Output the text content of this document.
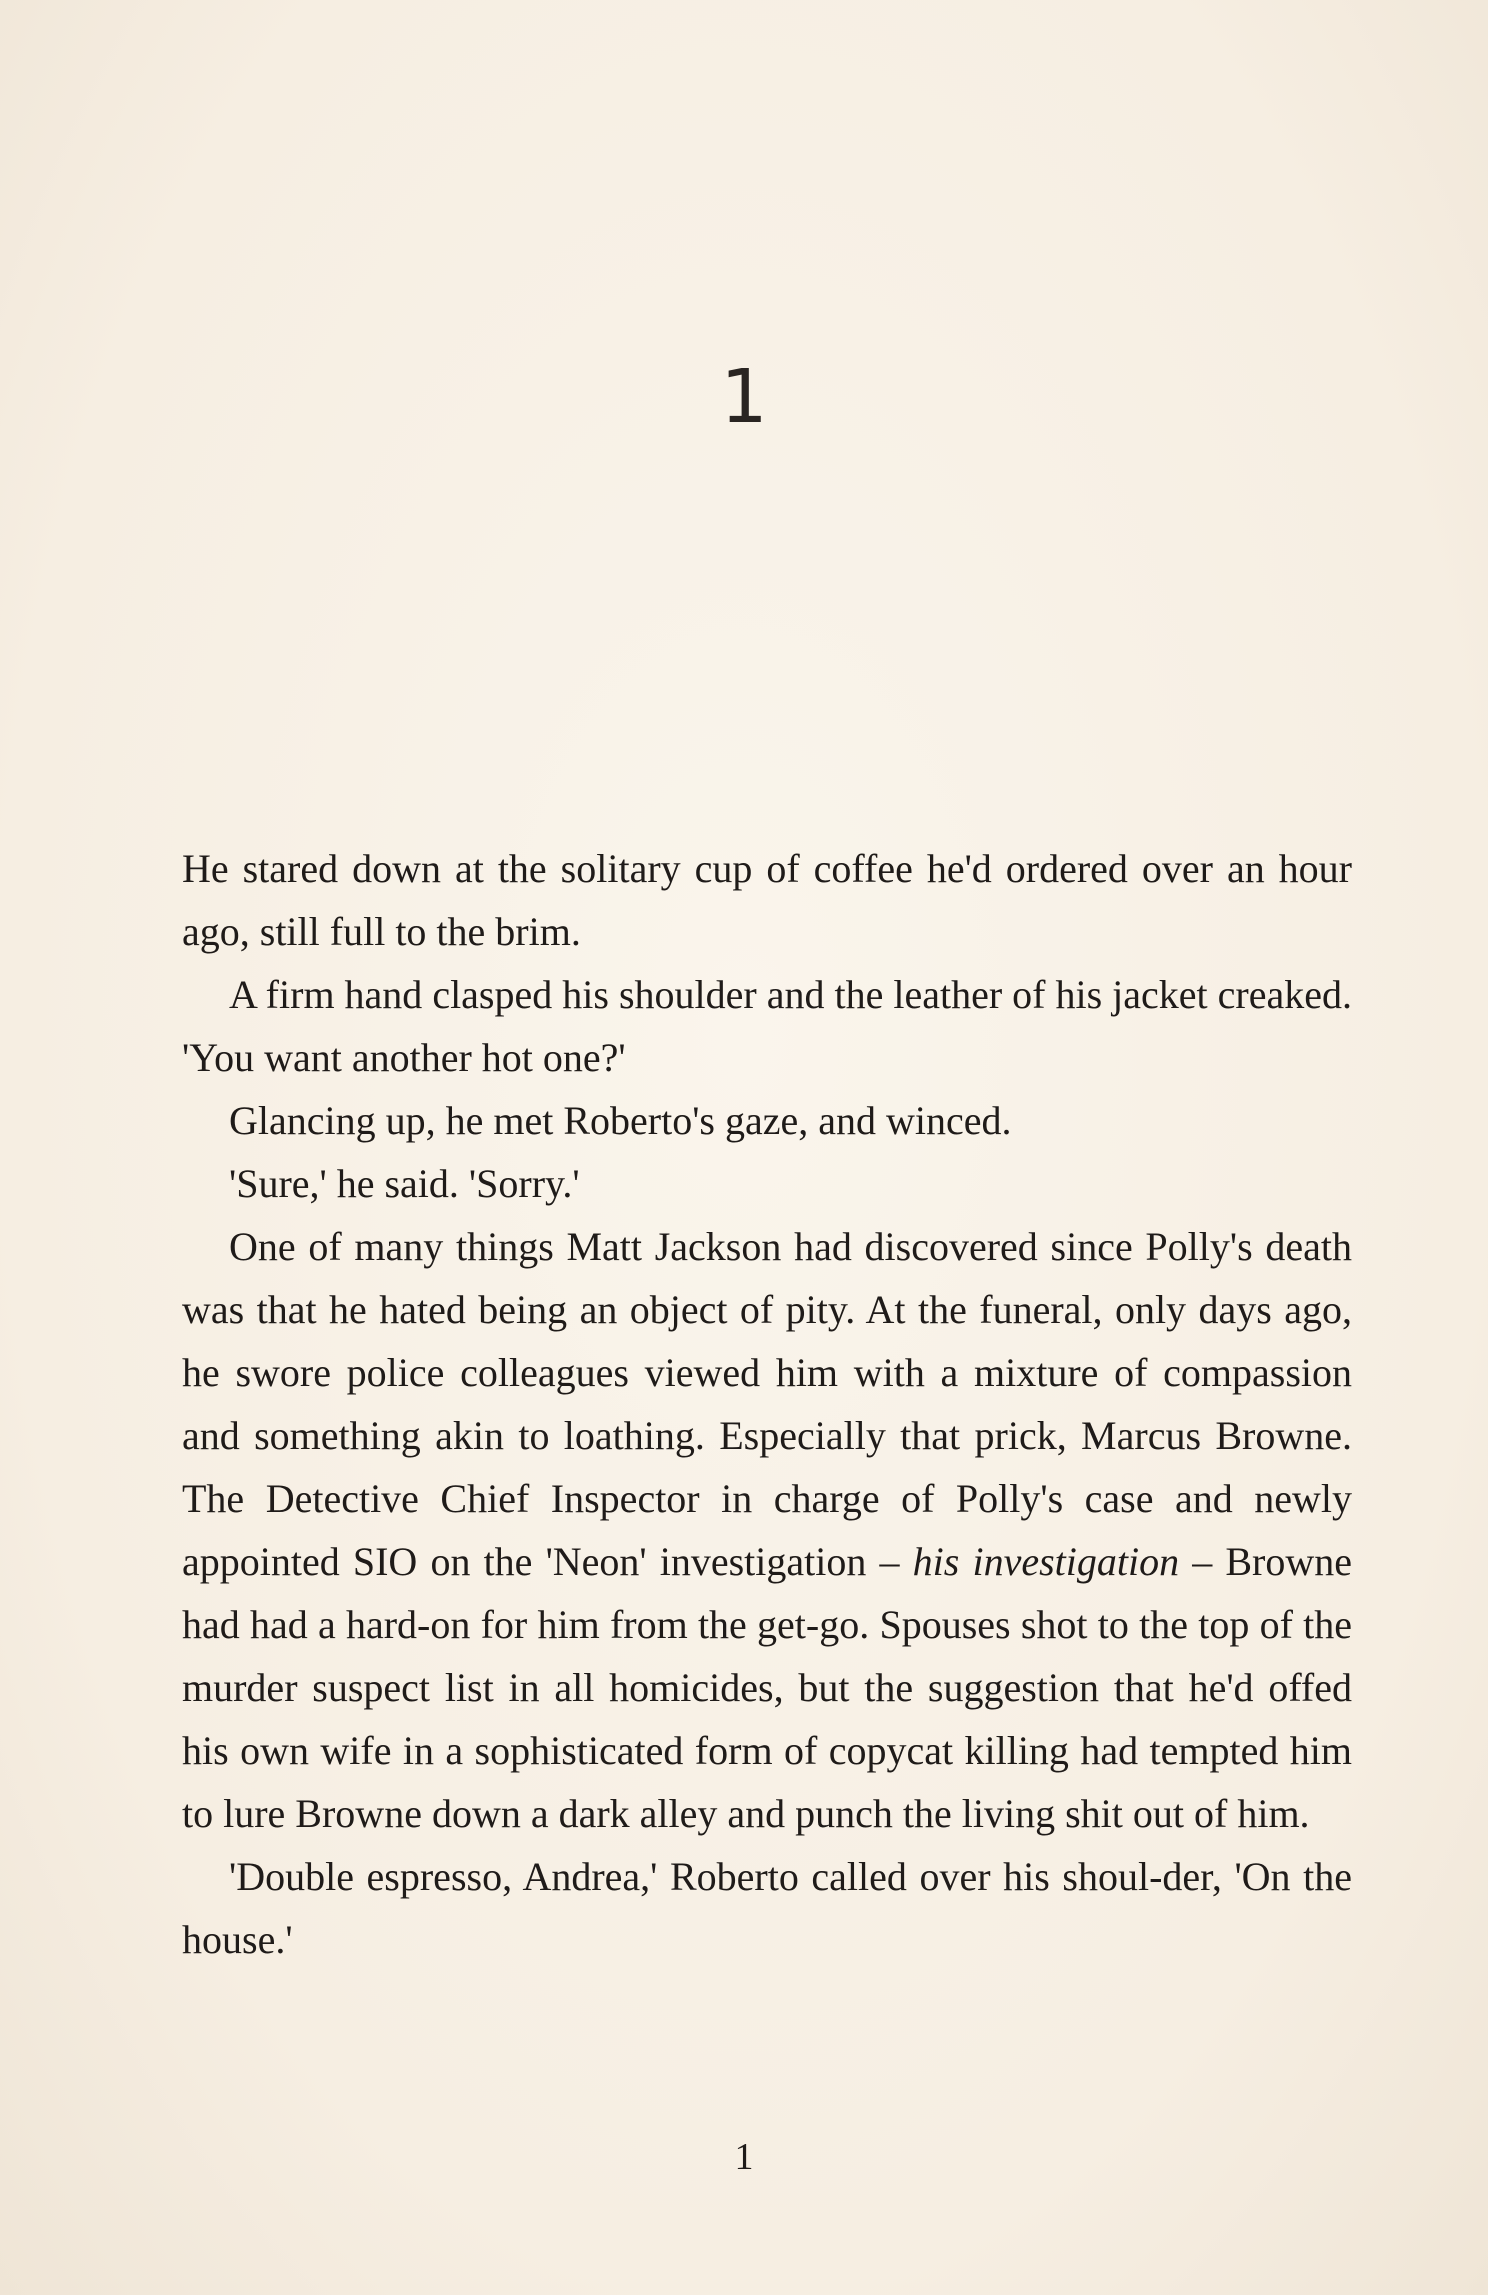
1

He stared down at the solitary cup of coffee he'd ordered over an hour ago, still full to the brim.

A firm hand clasped his shoulder and the leather of his jacket creaked. 'You want another hot one?'

Glancing up, he met Roberto's gaze, and winced.

'Sure,' he said. 'Sorry.'

One of many things Matt Jackson had discovered since Polly's death was that he hated being an object of pity. At the funeral, only days ago, he swore police colleagues viewed him with a mixture of compassion and something akin to loathing. Especially that prick, Marcus Browne. The Detective Chief Inspector in charge of Polly's case and newly appointed SIO on the 'Neon' investigation – his investigation – Browne had had a hard-on for him from the get-go. Spouses shot to the top of the murder suspect list in all homicides, but the suggestion that he'd offed his own wife in a sophisticated form of copycat killing had tempted him to lure Browne down a dark alley and punch the living shit out of him.

'Double espresso, Andrea,' Roberto called over his shoul-der, 'On the house.'

1
